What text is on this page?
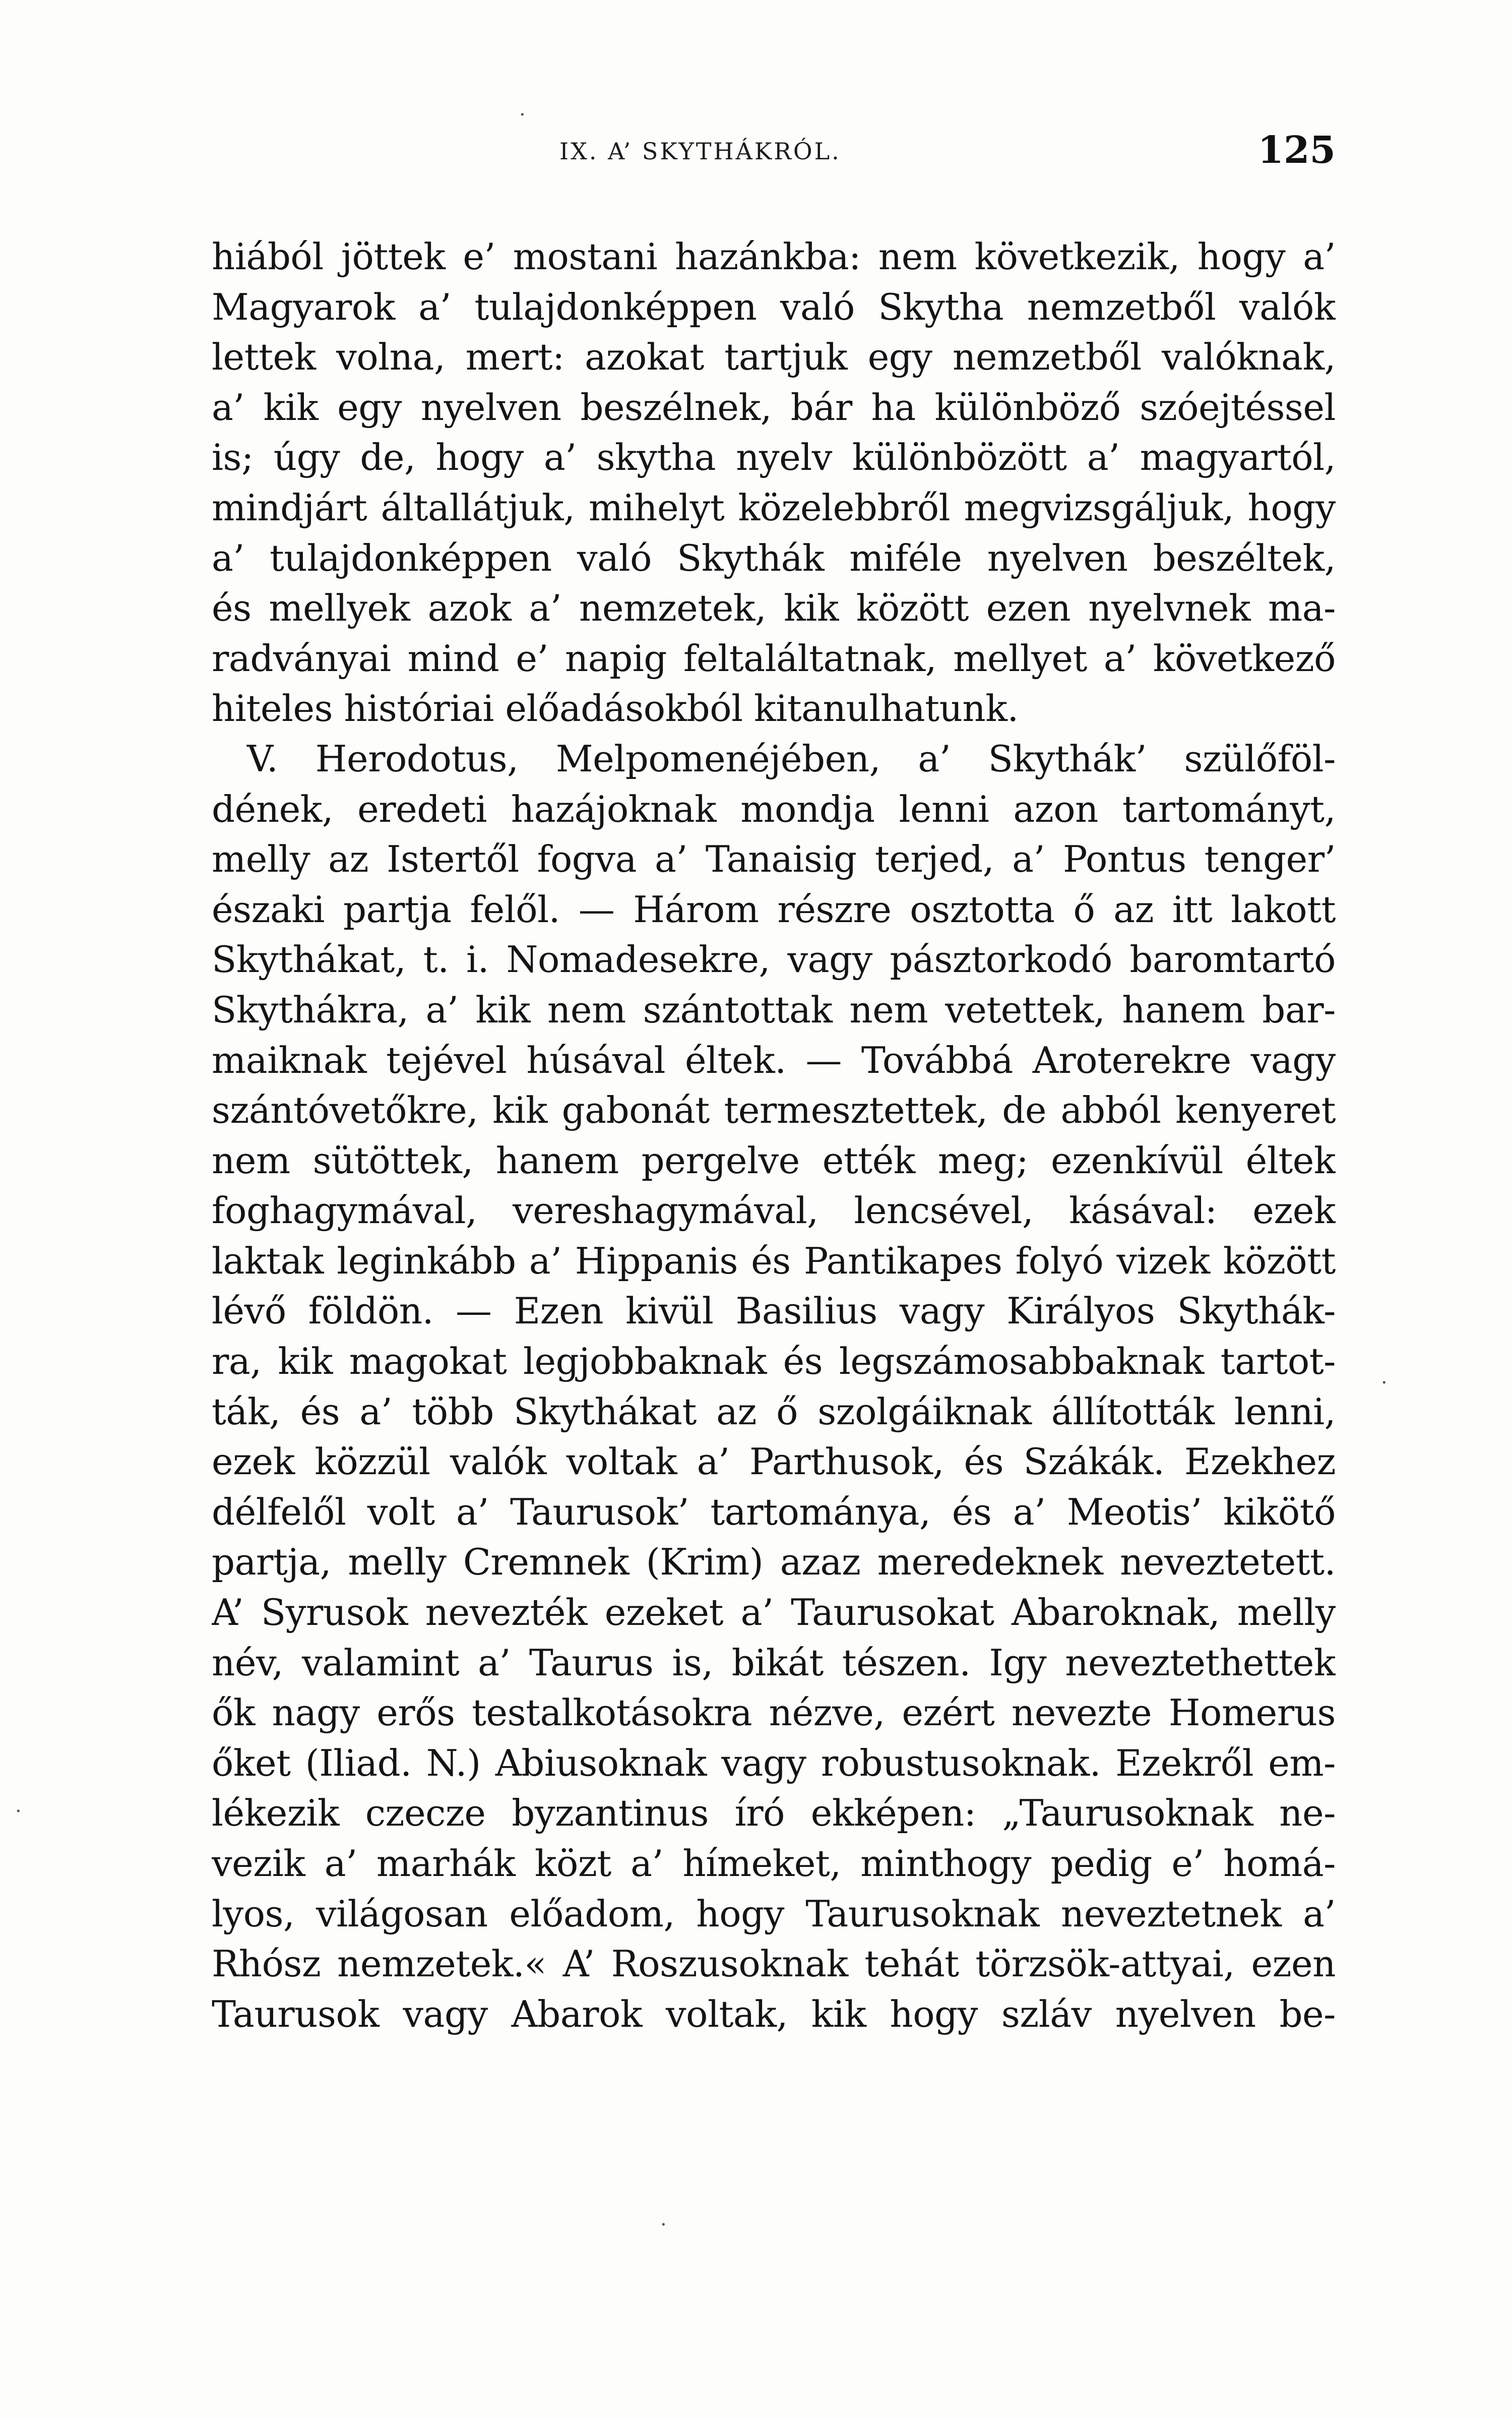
IX. A’ SKYTHÁKRÓL.	125
hiából jöttek e’ mostani hazánkba: nem következik, hogy a’
Magyarok a’ tulajdonképpen való Skytha nemzetből valók
lettek volna, mert: azokat tartjuk egy nemzetből valóknak,
a’ kik egy nyelven beszélnek, bár ha különböző szóejtéssel
is; úgy de, hogy a’ skytha nyelv különbözött a’ magyartól,
mindjárt általlátjuk, mihelyt közelebbről megvizsgáljuk, hogy
a’ tulajdonképpen való Skythák miféle nyelven beszéltek,
és mellyek azok a’ nemzetek, kik között ezen nyelvnek ma-
radványai mind e’ napig feltaláltatnak, mellyet a’ következő
hiteles históriai előadásokból kitanulhatunk.
V. Herodotus, Melpomenéjében, a’ Skythák’ szülőföl-
dének, eredeti hazájoknak mondja lenni azon tartományt,
melly az Istertől fogva a’ Tanaisig terjed, a’ Pontus tenger’
északi partja felől. — Három részre osztotta ő az itt lakott
Skythákat, t. i. Nomadesekre, vagy pásztorkodó baromtartó
Skythákra, a’ kik nem szántottak nem vetettek, hanem bar-
maiknak tejével húsával éltek. — Továbbá Aroterekre vagy
szántóvetőkre, kik gabonát termesztettek, de abból kenyeret
nem sütöttek, hanem pergelve ették meg; ezenkívül éltek
foghagymával, vereshagymával, lencsével, kásával: ezek
laktak leginkább a’ Hippanis és Pantikapes folyó vizek között
lévő földön. — Ezen kivül Basilius vagy Királyos Skythák-
ra, kik magokat legjobbaknak és legszámosabbaknak tartot-
ták, és a’ több Skythákat az ő szolgáiknak állították lenni,
ezek közzül valók voltak a’ Parthusok, és Szákák. Ezekhez
délfelől volt a’ Taurusok’ tartománya, és a’ Meotis’ kikötő
partja, melly Cremnek (Krim) azaz meredeknek neveztetett.
A’ Syrusok nevezték ezeket a’ Taurusokat Abaroknak, melly
név, valamint a’ Taurus is, bikát tészen. Igy neveztethettek
ők nagy erős testalkotásokra nézve, ezért nevezte Homerus
őket (Iliad. N.) Abiusoknak vagy robustusoknak. Ezekről em-
lékezik czecze byzantinus író ekképen: „Taurusoknak ne-
vezik a’ marhák közt a’ hímeket, minthogy pedig e’ homá-
lyos, világosan előadom, hogy Taurusoknak neveztetnek a’
Rhósz nemzetek.« A’ Roszusoknak tehát törzsök-attyai, ezen
Taurusok vagy Abarok voltak, kik hogy szláv nyelven be-
·
·
·
·
